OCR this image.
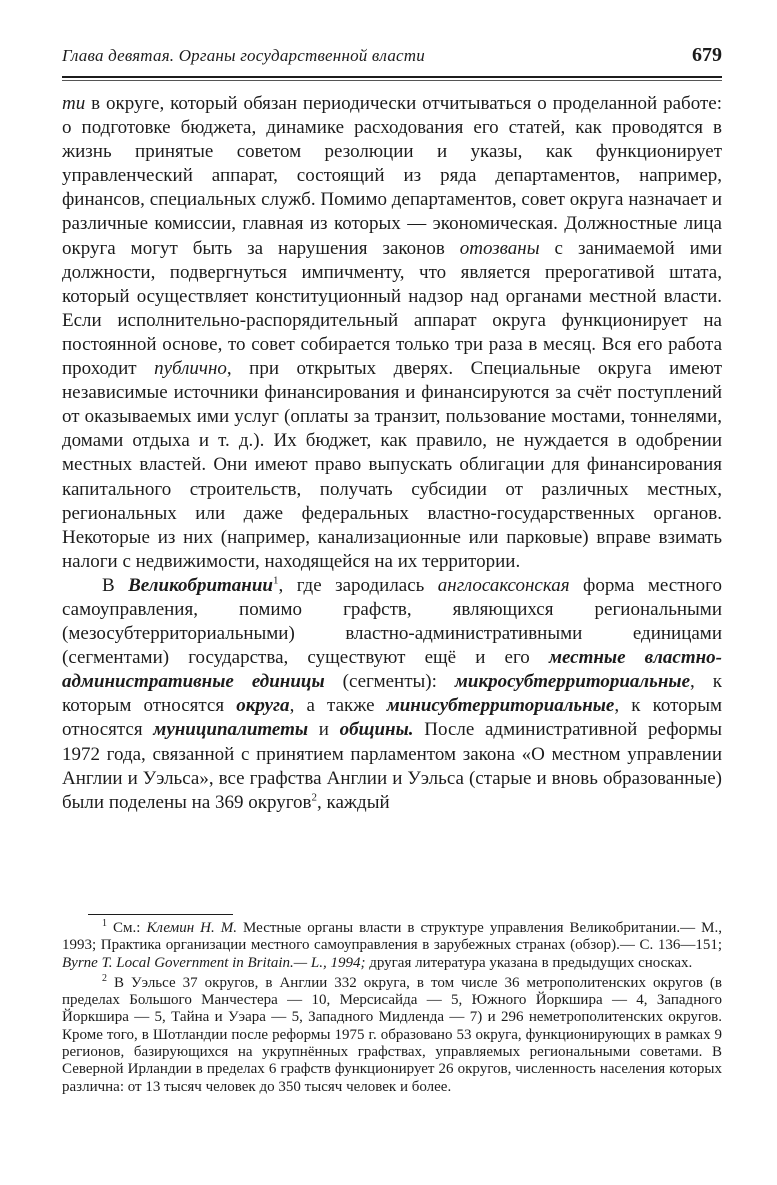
Глава девятая. Органы государственной власти	679

ти в округе, который обязан периодически отчитываться о проделанной работе: о подготовке бюджета, динамике расходования его статей, как проводятся в жизнь принятые советом резолюции и указы, как функционирует управленческий аппарат, состоящий из ряда департаментов, например, финансов, специальных служб. Помимо департаментов, совет округа назначает и различные комиссии, главная из которых — экономическая. Должностные лица округа могут быть за нарушения законов отозваны с занимаемой ими должности, подвергнуться импичменту, что является прерогативой штата, который осуществляет конституционный надзор над органами местной власти. Если исполнительно-распорядительный аппарат округа функционирует на постоянной основе, то совет собирается только три раза в месяц. Вся его работа проходит публично, при открытых дверях. Специальные округа имеют независимые источники финансирования и финансируются за счёт поступлений от оказываемых ими услуг (оплаты за транзит, пользование мостами, тоннелями, домами отдыха и т. д.). Их бюджет, как правило, не нуждается в одобрении местных властей. Они имеют право выпускать облигации для финансирования капитального строительств, получать субсидии от различных местных, региональных или даже федеральных властно-государственных органов. Некоторые из них (например, канализационные или парковые) вправе взимать налоги с недвижимости, находящейся на их территории.

В Великобритании$^1$, где зародилась англосаксонская форма местного самоуправления, помимо графств, являющихся региональными (мезосубтерриториальными) властно-административными единицами (сегментами) государства, существуют ещё и его местные властно-административные единицы (сегменты): микросубтерриториальные, к которым относятся округа, а также минисубтерриториальные, к которым относятся муниципалитеты и общины. После административной реформы 1972 года, связанной с принятием парламентом закона «О местном управлении Англии и Уэльса», все графства Англии и Уэльса (старые и вновь образованные) были поделены на 369 округов$^2$, каждый

$^1$ См.: Клемин Н. М. Местные органы власти в структуре управления Великобритании.— М., 1993; Практика организации местного самоуправления в зарубежных странах (обзор).— С. 136—151; Byrne T. Local Government in Britain.— L., 1994; другая литература указана в предыдущих сносках.

$^2$ В Уэльсе 37 округов, в Англии 332 округа, в том числе 36 метрополитенских округов (в пределах Большого Манчестера — 10, Мерсисайда — 5, Южного Йоркшира — 4, Западного Йоркшира — 5, Тайна и Уэара — 5, Западного Мидленда — 7) и 296 неметрополитенских округов. Кроме того, в Шотландии после реформы 1975 г. образовано 53 округа, функционирующих в рамках 9 регионов, базирующихся на укрупнённых графствах, управляемых региональными советами. В Северной Ирландии в пределах 6 графств функционирует 26 округов, численность населения которых различна: от 13 тысяч человек до 350 тысяч человек и более.
